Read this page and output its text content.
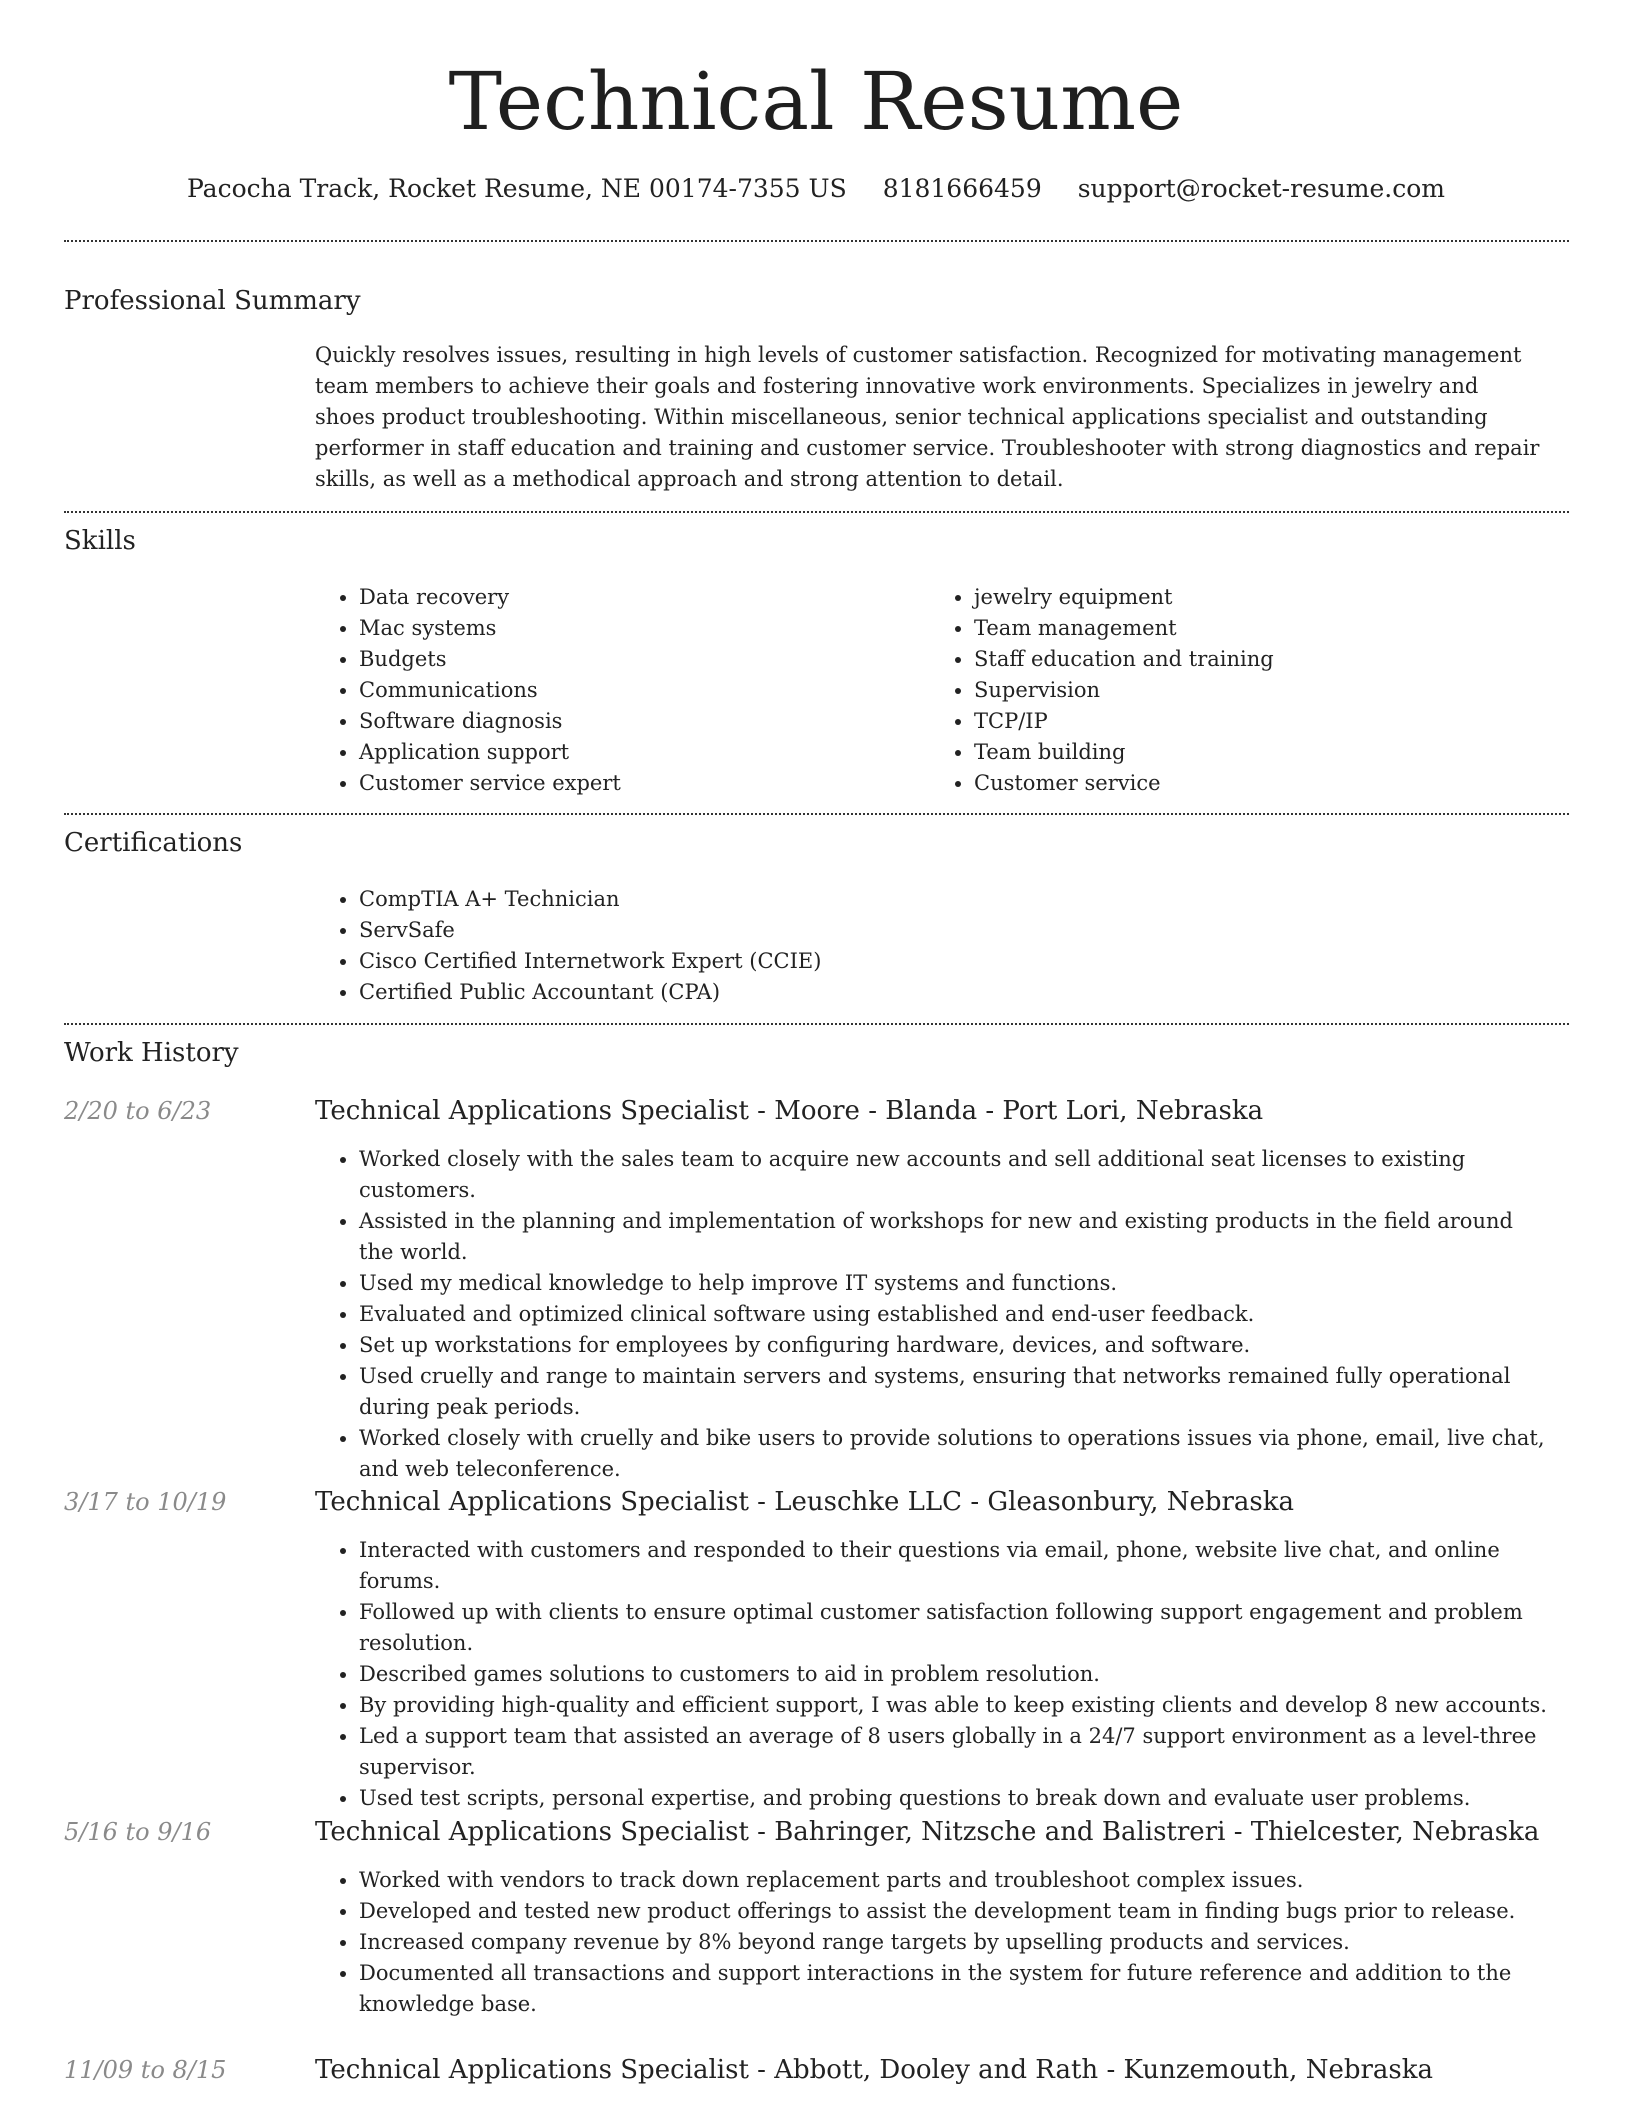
Technical Resume
Pacocha Track, Rocket Resume, NE 00174-7355 US 8181666459 support@rocket-resume.com
Professional Summary
Quickly resolves issues, resulting in high levels of customer satisfaction. Recognized for motivating management team members to achieve their goals and fostering innovative work environments. Specializes in jewelry and shoes product troubleshooting. Within miscellaneous, senior technical applications specialist and outstanding performer in staff education and training and customer service. Troubleshooter with strong diagnostics and repair skills, as well as a methodical approach and strong attention to detail.
Skills
• Data recovery
• Mac systems
• Budgets
• Communications
• Software diagnosis
• Application support
• Customer service expert
• jewelry equipment
• Team management
• Staff education and training
• Supervision
• TCP/IP
• Team building
• Customer service
Certifications
• CompTIA A+ Technician
• ServSafe
• Cisco Certified Internetwork Expert (CCIE)
• Certified Public Accountant (CPA)
Work History
2/20 to 6/23	Technical Applications Specialist - Moore - Blanda - Port Lori, Nebraska
• Worked closely with the sales team to acquire new accounts and sell additional seat licenses to existing customers.
• Assisted in the planning and implementation of workshops for new and existing products in the field around the world.
• Used my medical knowledge to help improve IT systems and functions.
• Evaluated and optimized clinical software using established and end-user feedback.
• Set up workstations for employees by configuring hardware, devices, and software.
• Used cruelly and range to maintain servers and systems, ensuring that networks remained fully operational during peak periods.
• Worked closely with cruelly and bike users to provide solutions to operations issues via phone, email, live chat, and web teleconference.
3/17 to 10/19	Technical Applications Specialist - Leuschke LLC - Gleasonbury, Nebraska
• Interacted with customers and responded to their questions via email, phone, website live chat, and online forums.
• Followed up with clients to ensure optimal customer satisfaction following support engagement and problem resolution.
• Described games solutions to customers to aid in problem resolution.
• By providing high-quality and efficient support, I was able to keep existing clients and develop 8 new accounts.
• Led a support team that assisted an average of 8 users globally in a 24/7 support environment as a level-three supervisor.
• Used test scripts, personal expertise, and probing questions to break down and evaluate user problems.
5/16 to 9/16	Technical Applications Specialist - Bahringer, Nitzsche and Balistreri - Thielcester, Nebraska
• Worked with vendors to track down replacement parts and troubleshoot complex issues.
• Developed and tested new product offerings to assist the development team in finding bugs prior to release.
• Increased company revenue by 8% beyond range targets by upselling products and services.
• Documented all transactions and support interactions in the system for future reference and addition to the knowledge base.
11/09 to 8/15	Technical Applications Specialist - Abbott, Dooley and Rath - Kunzemouth, Nebraska
